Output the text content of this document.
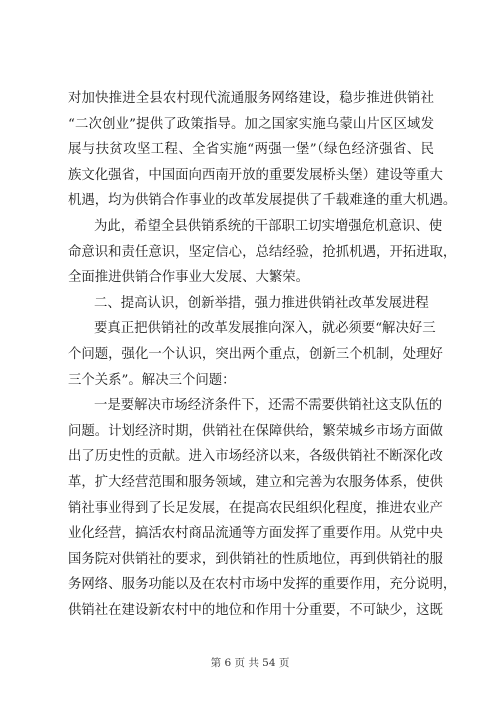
对加快推进全县农村现代流通服务网络建设，稳步推进供销社
“二次创业”提供了政策指导。加之国家实施乌蒙山片区区域发
展与扶贫攻坚工程、全省实施“两强一堡”（绿色经济强省、民
族文化强省，中国面向西南开放的重要发展桥头堡）建设等重大
机遇，均为供销合作事业的改革发展提供了千载难逢的重大机遇。
为此，希望全县供销系统的干部职工切实增强危机意识、使
命意识和责任意识，坚定信心，总结经验，抢抓机遇，开拓进取，
全面推进供销合作事业大发展、大繁荣。
二、提高认识，创新举措，强力推进供销社改革发展进程
要真正把供销社的改革发展推向深入，就必须要“解决好三
个问题，强化一个认识，突出两个重点，创新三个机制，处理好
三个关系”。解决三个问题：
一是要解决市场经济条件下，还需不需要供销社这支队伍的
问题。计划经济时期，供销社在保障供给，繁荣城乡市场方面做
出了历史性的贡献。进入市场经济以来，各级供销社不断深化改
革，扩大经营范围和服务领域，建立和完善为农服务体系，使供
销社事业得到了长足发展，在提高农民组织化程度，推进农业产
业化经营，搞活农村商品流通等方面发挥了重要作用。从党中央
国务院对供销社的要求，到供销社的性质地位，再到供销社的服
务网络、服务功能以及在农村市场中发挥的重要作用，充分说明，
供销社在建设新农村中的地位和作用十分重要，不可缺少，这既
第 6 页 共 54 页
